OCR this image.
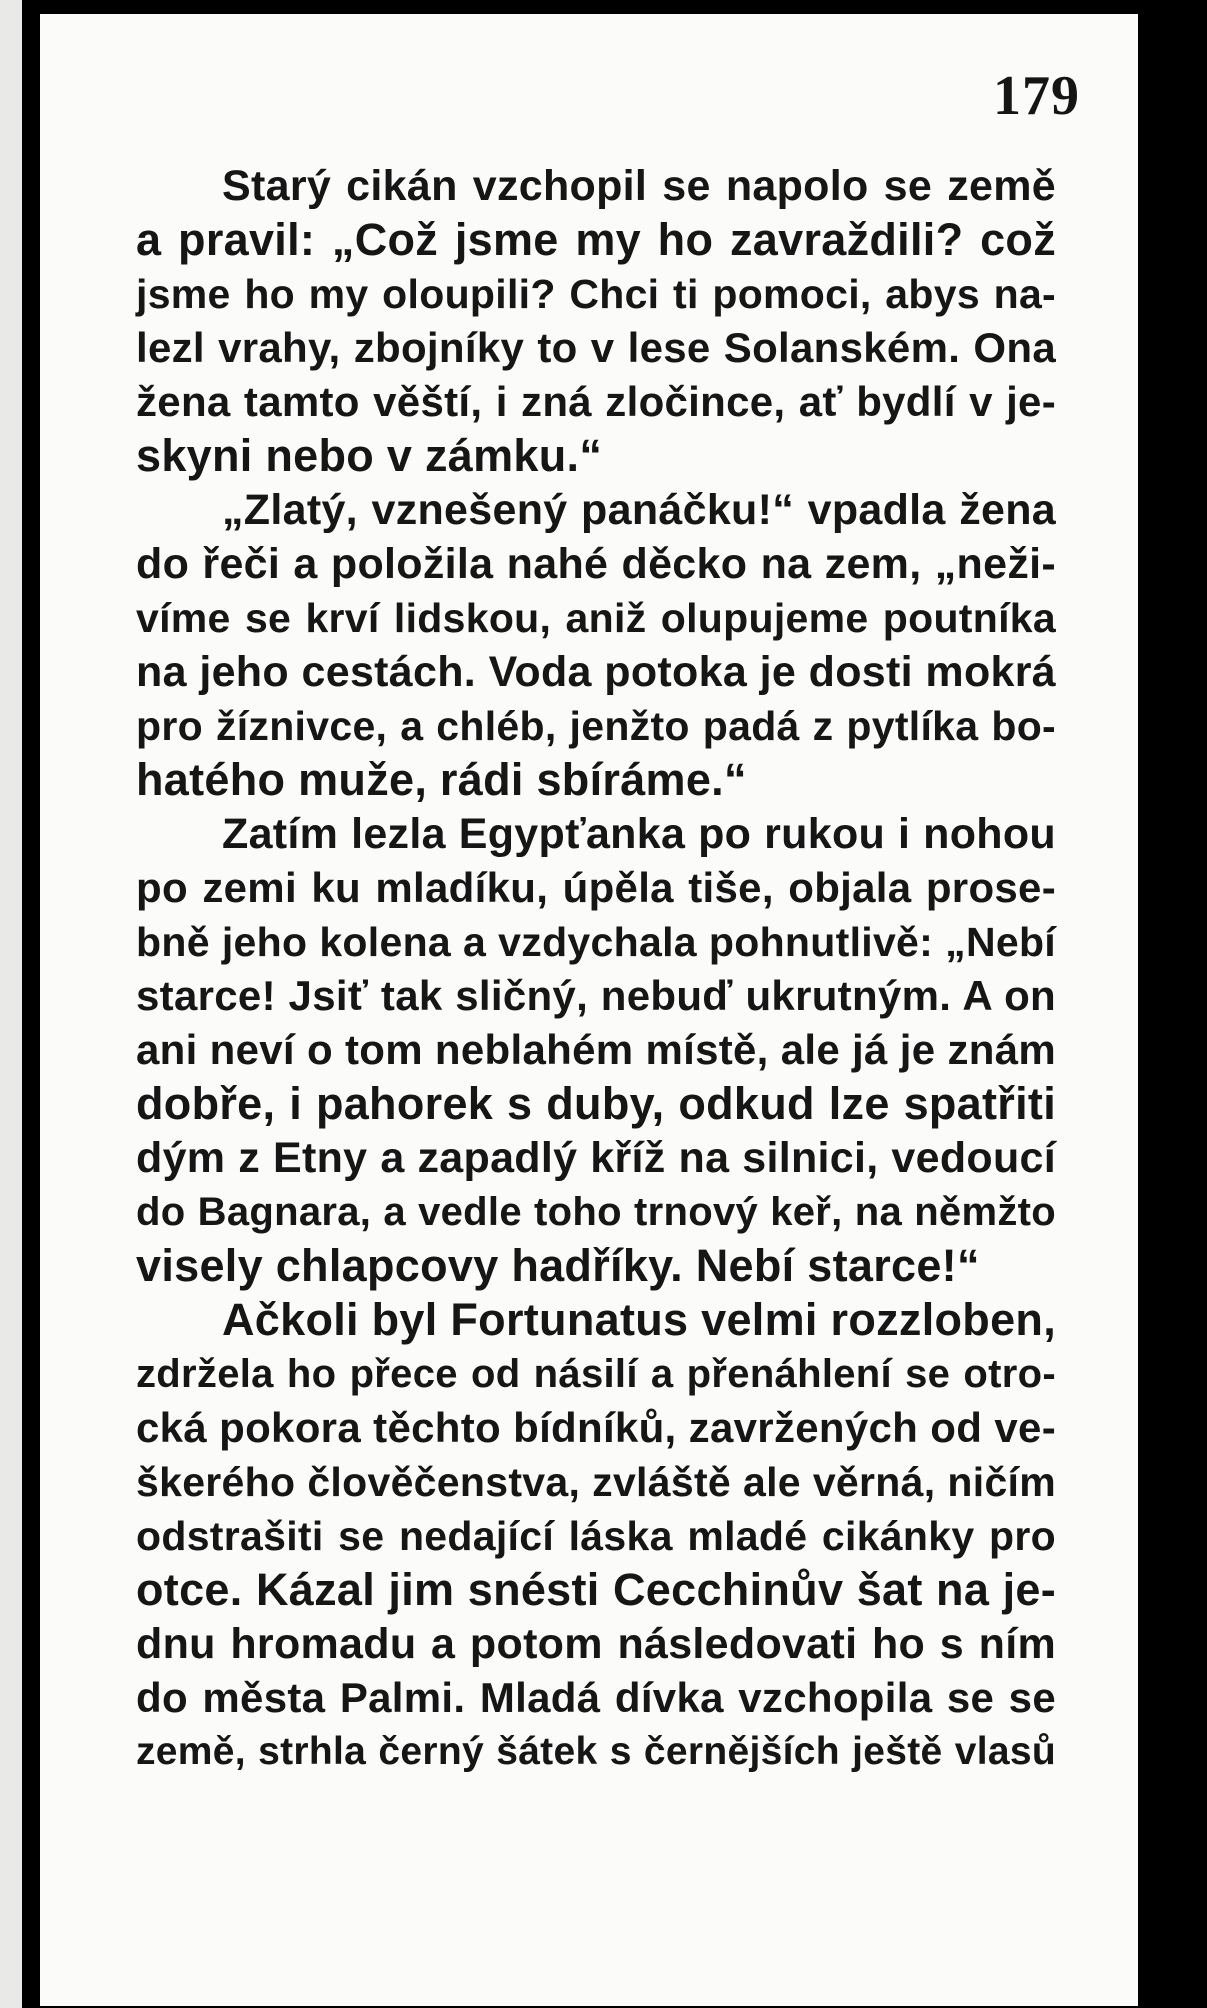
179
Starý cikán vzchopil se napolo se země
a pravil: „Což jsme my ho zavraždili? což
jsme ho my oloupili? Chci ti pomoci, abys na-
lezl vrahy, zbojníky to v lese Solanském. Ona
žena tamto věští, i zná zločince, ať bydlí v je-
skyni nebo v zámku.“
„Zlatý, vznešený panáčku!“ vpadla žena
do řeči a položila nahé děcko na zem, „neži-
víme se krví lidskou, aniž olupujeme poutníka
na jeho cestách. Voda potoka je dosti mokrá
pro žíznivce, a chléb, jenžto padá z pytlíka bo-
hatého muže, rádi sbíráme.“
Zatím lezla Egypťanka po rukou i nohou
po zemi ku mladíku, úpěla tiše, objala prose-
bně jeho kolena a vzdychala pohnutlivě: „Nebí
starce! Jsiť tak sličný, nebuď ukrutným. A on
ani neví o tom neblahém místě, ale já je znám
dobře, i pahorek s duby, odkud lze spatřiti
dým z Etny a zapadlý kříž na silnici, vedoucí
do Bagnara, a vedle toho trnový keř, na němžto
visely chlapcovy hadříky. Nebí starce!“
Ačkoli byl Fortunatus velmi rozzloben,
zdržela ho přece od násilí a přenáhlení se otro-
cká pokora těchto bídníků, zavržených od ve-
škerého člověčenstva, zvláště ale věrná, ničím
odstrašiti se nedající láska mladé cikánky pro
otce. Kázal jim snésti Cecchinův šat na je-
dnu hromadu a potom následovati ho s ním
do města Palmi. Mladá dívka vzchopila se se
země, strhla černý šátek s černějších ještě vlasů
